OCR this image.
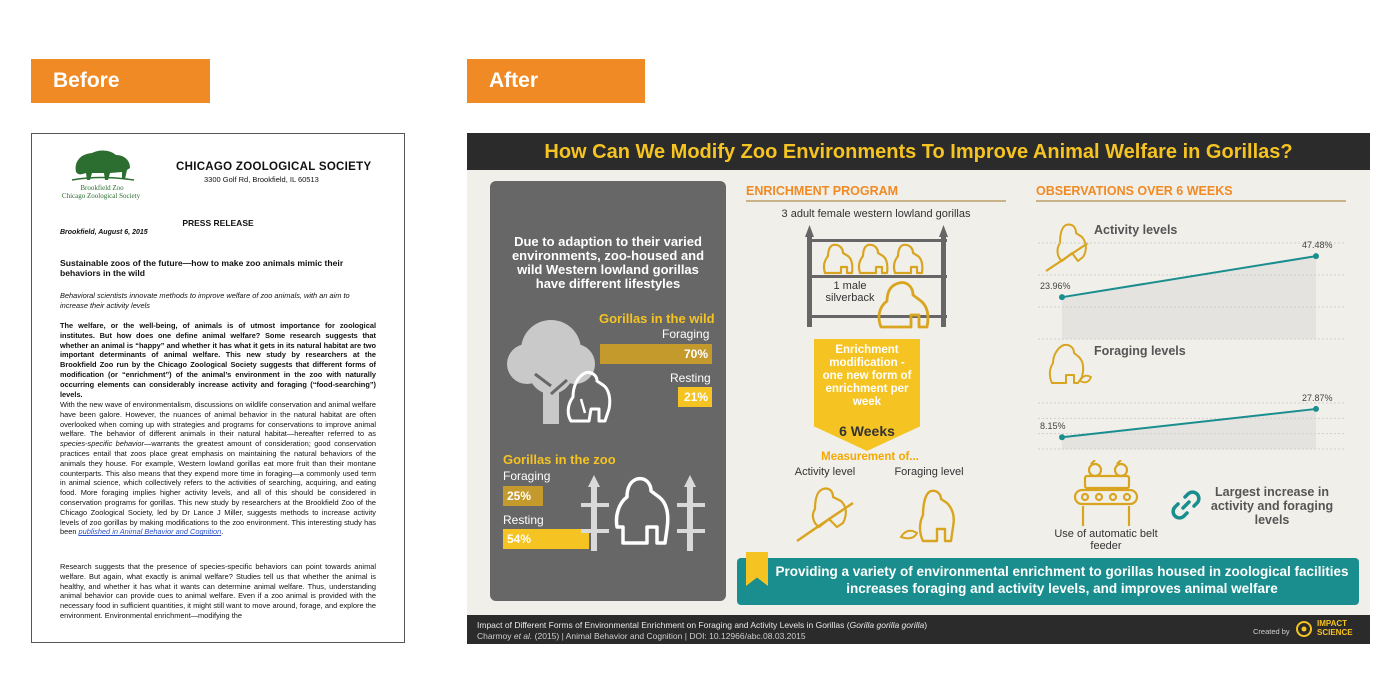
Before	After
Brookfield Zoo
Chicago Zoological Society
CHICAGO ZOOLOGICAL SOCIETY
3300 Golf Rd, Brookfield, IL 60513
PRESS RELEASE
Brookfield, August 6, 2015
Sustainable zoos of the future—how to make zoo animals mimic their behaviors in the wild
Behavioral scientists innovate methods to improve welfare of zoo animals, with an aim to increase their activity levels
The welfare, or the well-being, of animals is of utmost importance for zoological institutes. But how does one define animal welfare? Some research suggests that whether an animal is “happy” and whether it has what it gets in its natural habitat are two important determinants of animal welfare. This new study by researchers at the Brookfield Zoo run by the Chicago Zoological Society suggests that different forms of modification (or “enrichment”) of the animal’s environment in the zoo with naturally occurring elements can considerably increase activity and foraging (“food-searching”) levels.
With the new wave of environmentalism, discussions on wildlife conservation and animal welfare have been galore. However, the nuances of animal behavior in the natural habitat are often overlooked when coming up with strategies and programs for conservations to improve animal welfare. The behavior of different animals in their natural habitat—hereafter referred to as species-specific behavior—warrants the greatest amount of consideration; good conservation practices entail that zoos place great emphasis on maintaining the natural behaviors of the animals they house. For example, Western lowland gorillas eat more fruit than their montane counterparts. This also means that they expend more time in foraging—a commonly used term in animal science, which collectively refers to the activities of searching, acquiring, and eating food. More foraging implies higher activity levels, and all of this should be considered in conservation programs for gorillas. This new study by researchers at the Brookfield Zoo of the Chicago Zoological Society, led by Dr Lance J Miller, suggests methods to increase activity levels of zoo gorillas by making modifications to the zoo environment. This interesting study has been published in Animal Behavior and Cognition.
Research suggests that the presence of species-specific behaviors can point towards animal welfare. But again, what exactly is animal welfare? Studies tell us that whether the animal is healthy, and whether it has what it wants can determine animal welfare. Thus, understanding animal behavior can provide cues to animal welfare. Even if a zoo animal is provided with the necessary food in sufficient quantities, it might still want to move around, forage, and explore the environment. Environmental enrichment—modifying the
How Can We Modify Zoo Environments To Improve Animal Welfare in Gorillas?
Due to adaption to their varied environments, zoo-housed and wild Western lowland gorillas have different lifestyles
Gorillas in the wild
Foraging
70%
Resting
21%
Gorillas in the zoo
Foraging
25%
Resting
54%
ENRICHMENT PROGRAM
3 adult female western lowland gorillas
1 male silverback
Enrichment modification - one new form of enrichment per week
6 Weeks
Measurement of...
Activity level	Foraging level
OBSERVATIONS OVER 6 WEEKS
Activity levels
23.96%
47.48%
Foraging levels
8.15%
27.87%
Use of automatic belt feeder
Largest increase in activity and foraging levels
Providing a variety of environmental enrichment to gorillas housed in zoological facilities increases foraging and activity levels, and improves animal welfare
Impact of Different Forms of Environmental Enrichment on Foraging and Activity Levels in Gorillas (Gorilla gorilla gorilla)
Charmoy et al. (2015) | Animal Behavior and Cognition | DOI: 10.12966/abc.08.03.2015	Created by
IMPACT
SCIENCE
